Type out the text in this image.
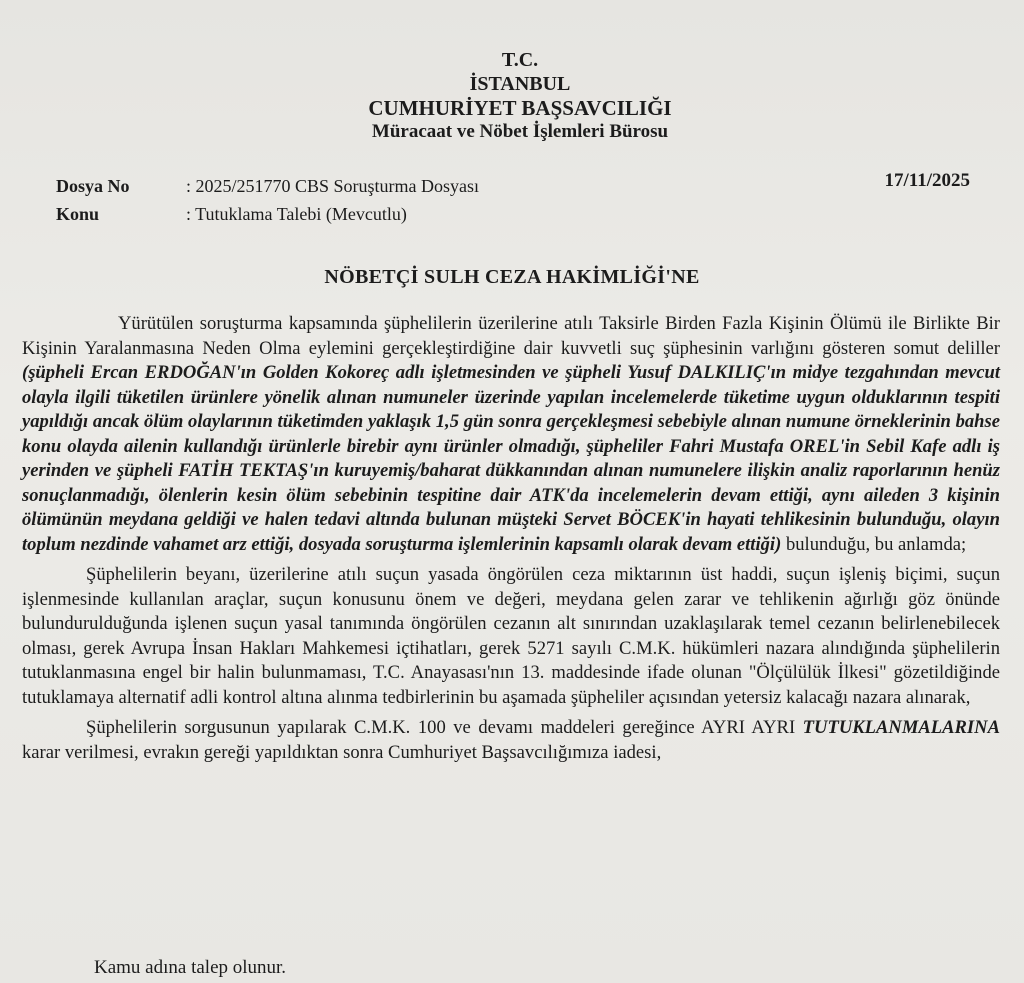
T.C.
İSTANBUL
CUMHURİYET BAŞSAVCILIĞI
Müracaat ve Nöbet İşlemleri Bürosu
Dosya No	: 2025/251770 CBS Soruşturma Dosyası
Konu	: Tutuklama Talebi (Mevcutlu)
17/11/2025
NÖBETÇİ SULH CEZA HAKİMLİĞİ'NE

Yürütülen soruşturma kapsamında şüphelilerin üzerilerine atılı Taksirle Birden Fazla Kişinin Ölümü ile Birlikte Bir Kişinin Yaralanmasına Neden Olma eylemini gerçekleştirdiğine dair kuvvetli suç şüphesinin varlığını gösteren somut deliller (şüpheli Ercan ERDOĞAN'ın Golden Kokoreç adlı işletmesinden ve şüpheli Yusuf DALKILIÇ'ın midye tezgahından mevcut olayla ilgili tüketilen ürünlere yönelik alınan numuneler üzerinde yapılan incelemelerde tüketime uygun olduklarının tespiti yapıldığı ancak ölüm olaylarının tüketimden yaklaşık 1,5 gün sonra gerçekleşmesi sebebiyle alınan numune örneklerinin bahse konu olayda ailenin kullandığı ürünlerle birebir aynı ürünler olmadığı, şüpheliler Fahri Mustafa OREL'in Sebil Kafe adlı iş yerinden ve şüpheli FATİH TEKTAŞ'ın kuruyemiş/baharat dükkanından alınan numunelere ilişkin analiz raporlarının henüz sonuçlanmadığı, ölenlerin kesin ölüm sebebinin tespitine dair ATK'da incelemelerin devam ettiği, aynı aileden 3 kişinin ölümünün meydana geldiği ve halen tedavi altında bulunan müşteki Servet BÖCEK'in hayati tehlikesinin bulunduğu, olayın toplum nezdinde vahamet arz ettiği, dosyada soruşturma işlemlerinin kapsamlı olarak devam ettiği) bulunduğu, bu anlamda;

Şüphelilerin beyanı, üzerilerine atılı suçun yasada öngörülen ceza miktarının üst haddi, suçun işleniş biçimi, suçun işlenmesinde kullanılan araçlar, suçun konusunu önem ve değeri, meydana gelen zarar ve tehlikenin ağırlığı göz önünde bulundurulduğunda işlenen suçun yasal tanımında öngörülen cezanın alt sınırından uzaklaşılarak temel cezanın belirlenebilecek olması, gerek Avrupa İnsan Hakları Mahkemesi içtihatları, gerek 5271 sayılı C.M.K. hükümleri nazara alındığında şüphelilerin tutuklanmasına engel bir halin bulunmaması, T.C. Anayasası'nın 13. maddesinde ifade olunan "Ölçülülük İlkesi" gözetildiğinde tutuklamaya alternatif adli kontrol altına alınma tedbirlerinin bu aşamada şüpheliler açısından yetersiz kalacağı nazara alınarak,

Şüphelilerin sorgusunun yapılarak C.M.K. 100 ve devamı maddeleri gereğince AYRI AYRI TUTUKLANMALARINA karar verilmesi, evrakın gereği yapıldıktan sonra Cumhuriyet Başsavcılığımıza iadesi,

Kamu adına talep olunur.
